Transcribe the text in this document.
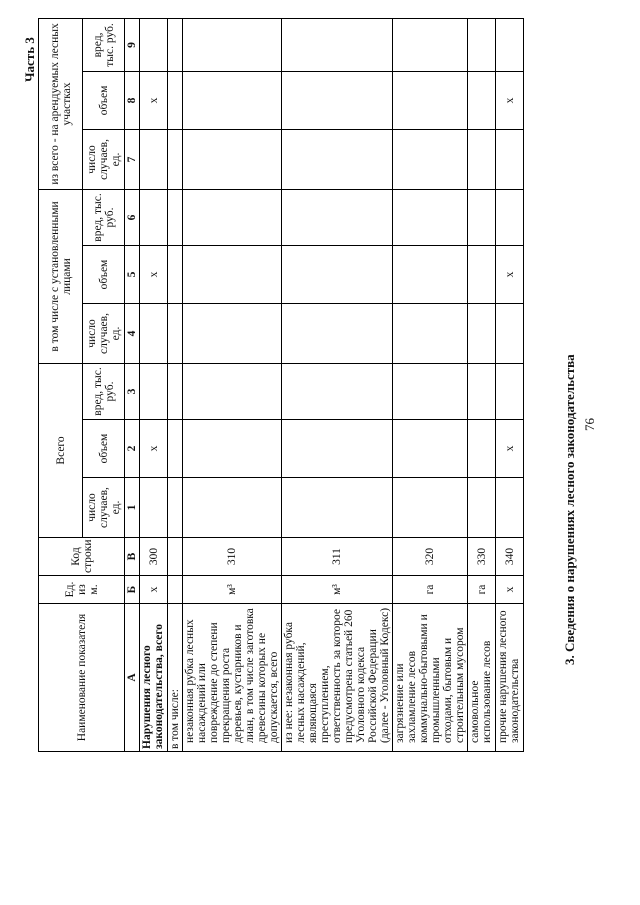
76
3. Сведения о нарушениях лесного законодательства
Часть 3
Наименование показателя	Ед. из м.	Код строки	Всего			в том числе с установленными лицами			из всего - на арендуемых лесных участках		
			число случаев, ед.	объем	вред, тыс. руб.	число случаев, ед.	объем	вред, тыс. руб.	число случаев, ед.	объем	вред, тыс. руб.
А	Б	В	1	2	3	4	5	6	7	8	9
Нарушения лесного законодательства, всего	x	300		x			x			x	
в том числе:											
незаконная рубка лесных насаждений или повреждение до степени прекращения роста деревьев, кустарников и лиан, в том числе заготовка древесины которых не допускается, всего	м³	310									
из нее: незаконная рубка лесных насаждений, являющаяся преступлением, ответственность за которое предусмотрена статьей 260 Уголовного кодекса Российской Федерации (далее - Уголовный Кодекс)	м³	311									
загрязнение или захламление лесов коммунально-бытовыми и промышленными отходами, бытовым и строительным мусором	га	320									
самовольное использование лесов	га	330									
прочие нарушения лесного законодательства	x	340		x			x			x	
